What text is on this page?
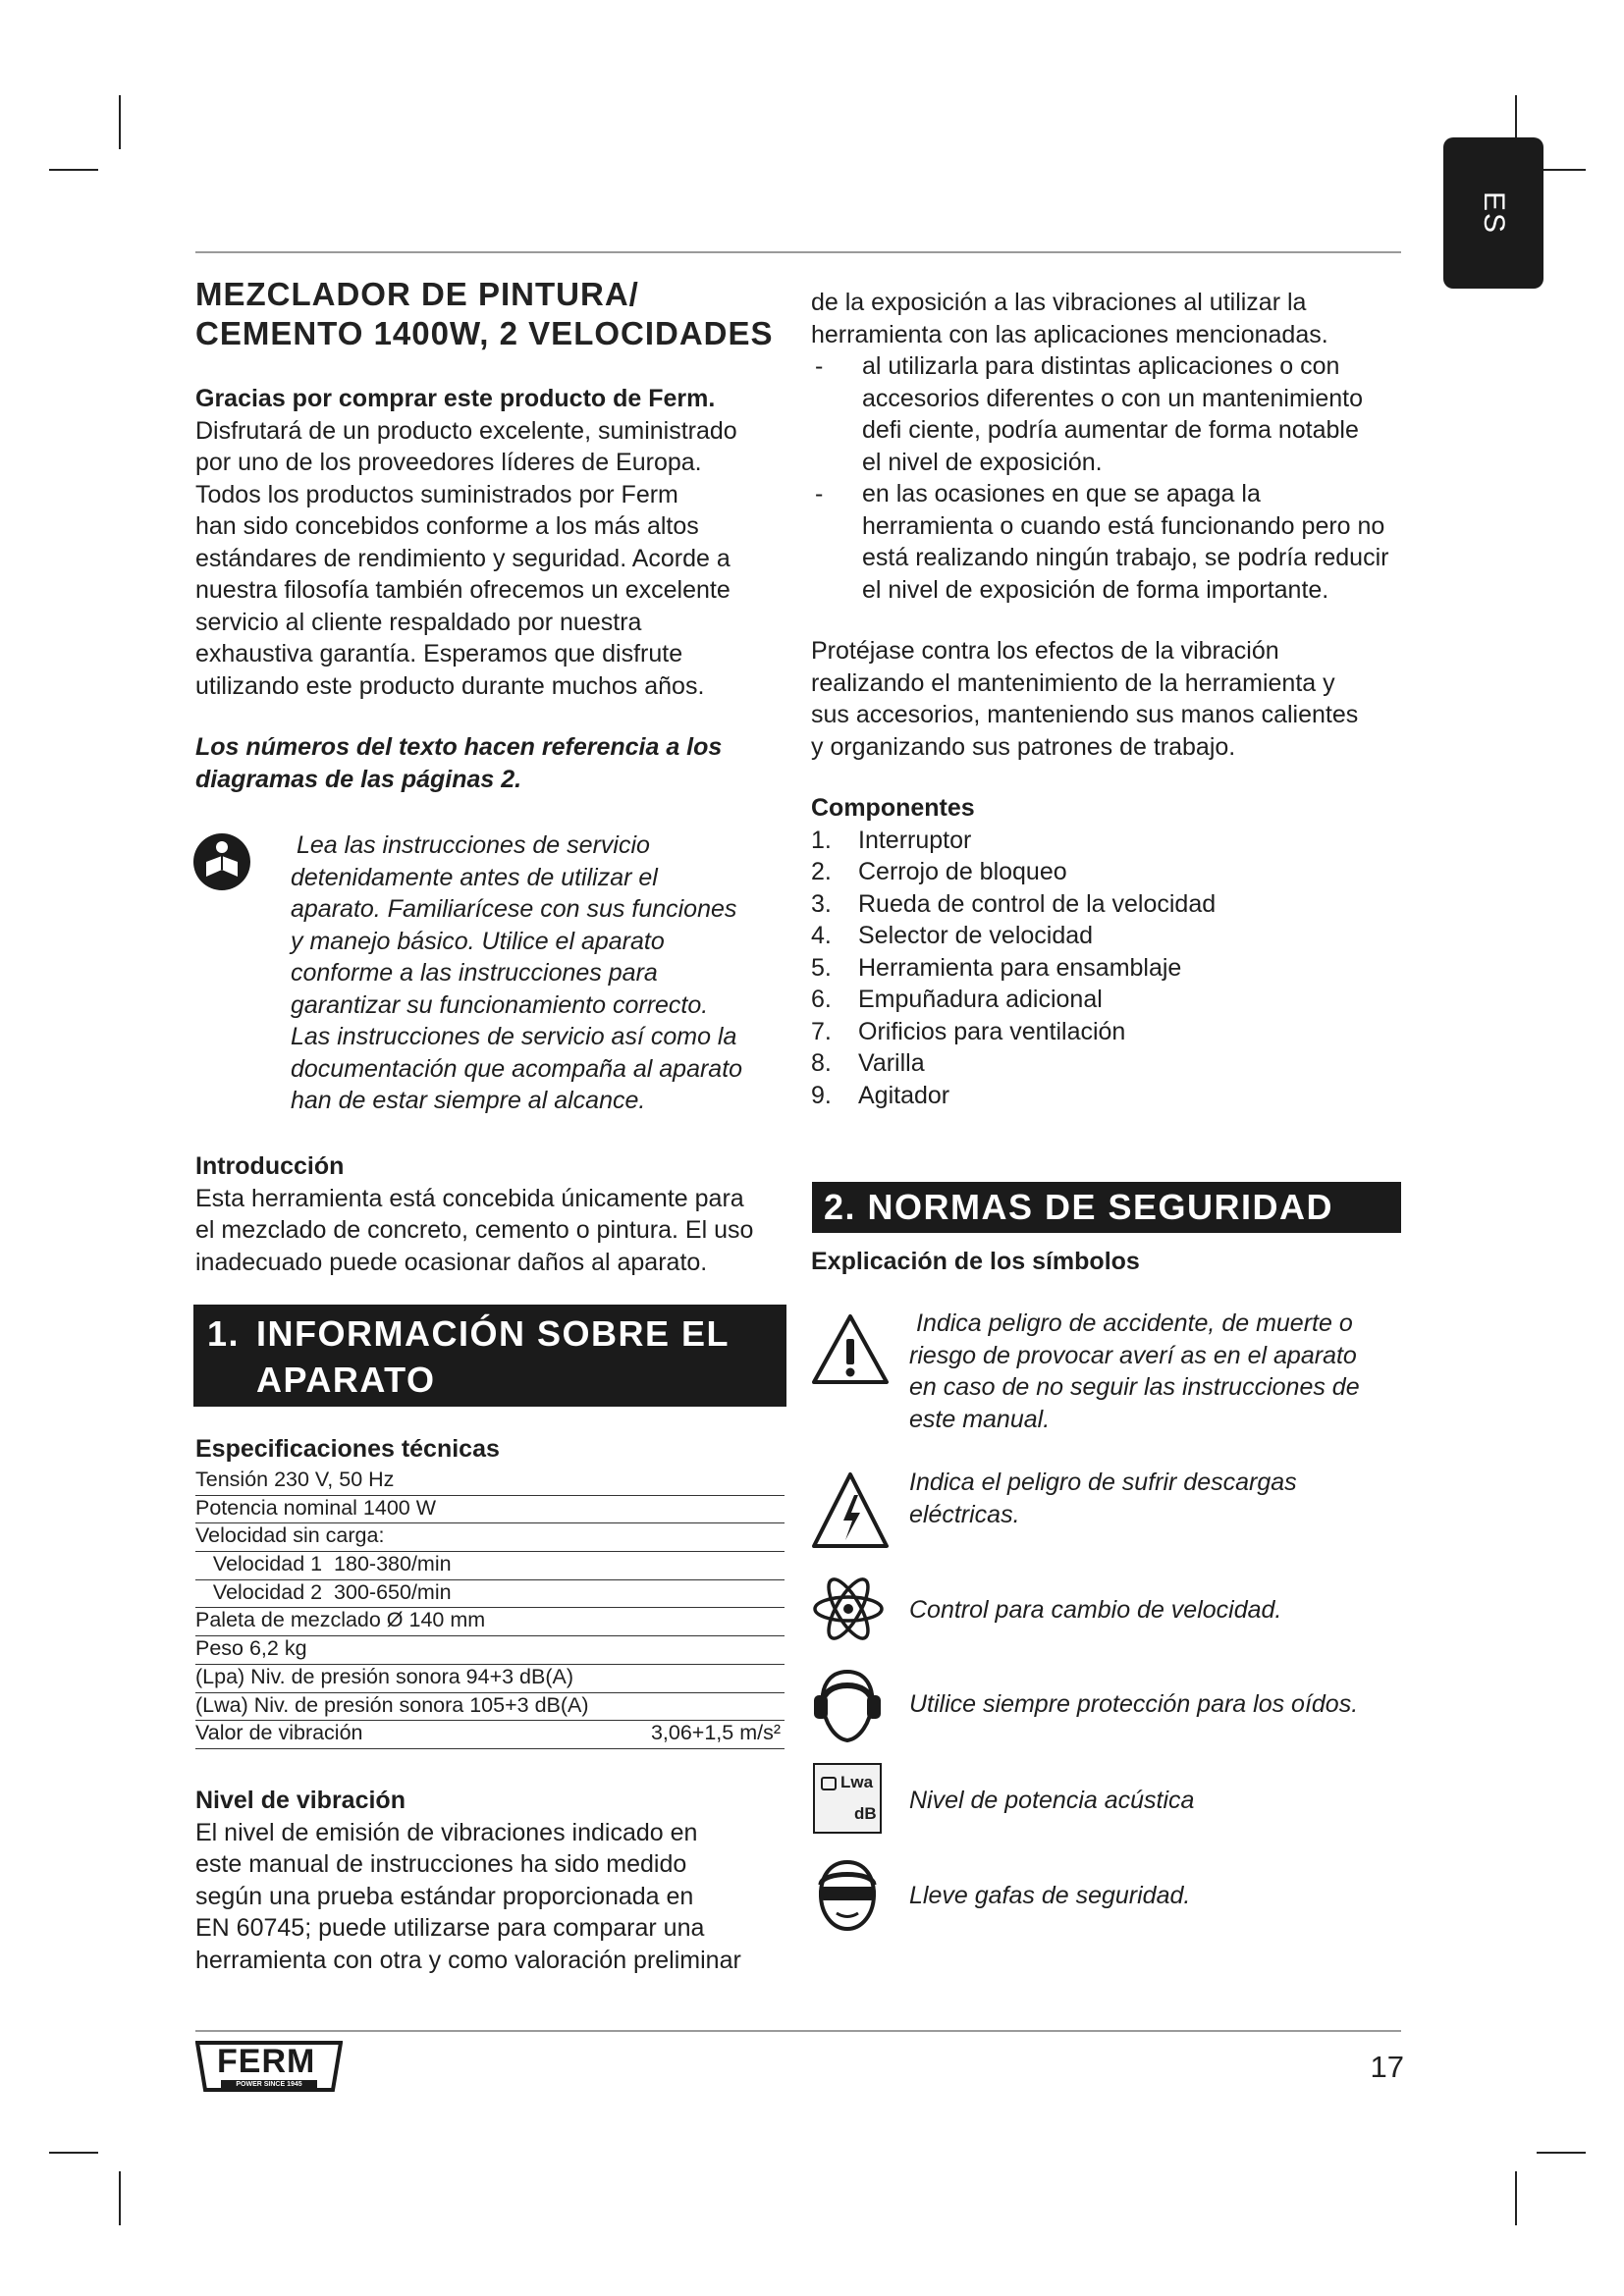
ES
MEZCLADOR DE PINTURA/
CEMENTO 1400W, 2 VELOCIDADES

Gracias por comprar este producto de Ferm.

Disfrutará de un producto excelente, suministrado

por uno de los proveedores líderes de Europa.

Todos los productos suministrados por Ferm

han sido concebidos conforme a los más altos

estándares de rendimiento y seguridad. Acorde a

nuestra filosofía también ofrecemos un excelente

servicio al cliente respaldado por nuestra

exhaustiva garantía. Esperamos que disfrute

utilizando este producto durante muchos años.

Los números del texto hacen referencia a los

diagramas de las páginas 2.

Lea las instrucciones de servicio

detenidamente antes de utilizar el

aparato. Familiarícese con sus funciones

y manejo básico. Utilice el aparato

conforme a las instrucciones para

garantizar su funcionamiento correcto.

Las instrucciones de servicio así como la

documentación que acompaña al aparato

han de estar siempre al alcance.

Introducción

Esta herramienta está concebida únicamente para

el mezclado de concreto, cemento o pintura. El uso

inadecuado puede ocasionar daños al aparato.

1. INFORMACIÓN SOBRE EL
APARATO

Especificaciones técnicas

Tensión 230 V, 50 Hz
Potencia nominal 1400 W
Velocidad sin carga:
Velocidad 1  180-380/min
Velocidad 2  300-650/min
Paleta de mezclado Ø 140 mm
Peso 6,2 kg
(Lpa) Niv. de presión sonora 94+3 dB(A)
(Lwa) Niv. de presión sonora 105+3 dB(A)
Valor de vibración	3,06+1,5 m/s²

Nivel de vibración

El nivel de emisión de vibraciones indicado en

este manual de instrucciones ha sido medido

según una prueba estándar proporcionada en

EN 60745; puede utilizarse para comparar una

herramienta con otra y como valoración preliminar

de la exposición a las vibraciones al utilizar la

herramienta con las aplicaciones mencionadas.

- al utilizarla para distintas aplicaciones o con

accesorios diferentes o con un mantenimiento

defi ciente, podría aumentar de forma notable

el nivel de exposición.

- en las ocasiones en que se apaga la

herramienta o cuando está funcionando pero no

está realizando ningún trabajo, se podría reducir

el nivel de exposición de forma importante.

Protéjase contra los efectos de la vibración

realizando el mantenimiento de la herramienta y

sus accesorios, manteniendo sus manos calientes

y organizando sus patrones de trabajo.

Componentes

1. Interruptor
2. Cerrojo de bloqueo
3. Rueda de control de la velocidad
4. Selector de velocidad
5. Herramienta para ensamblaje
6. Empuñadura adicional
7. Orificios para ventilación
8. Varilla
9. Agitador
2. NORMAS DE SEGURIDAD

Explicación de los símbolos

Indica peligro de accidente, de muerte o
riesgo de provocar averí as en el aparato
en caso de no seguir las instrucciones de
este manual.
Indica el peligro de sufrir descargas
eléctricas.
Control para cambio de velocidad.
Utilice siempre protección para los oídos.
Lwa
dB Nivel de potencia acústica
Lleve gafas de seguridad.
FERM
POWER SINCE 1945
17
